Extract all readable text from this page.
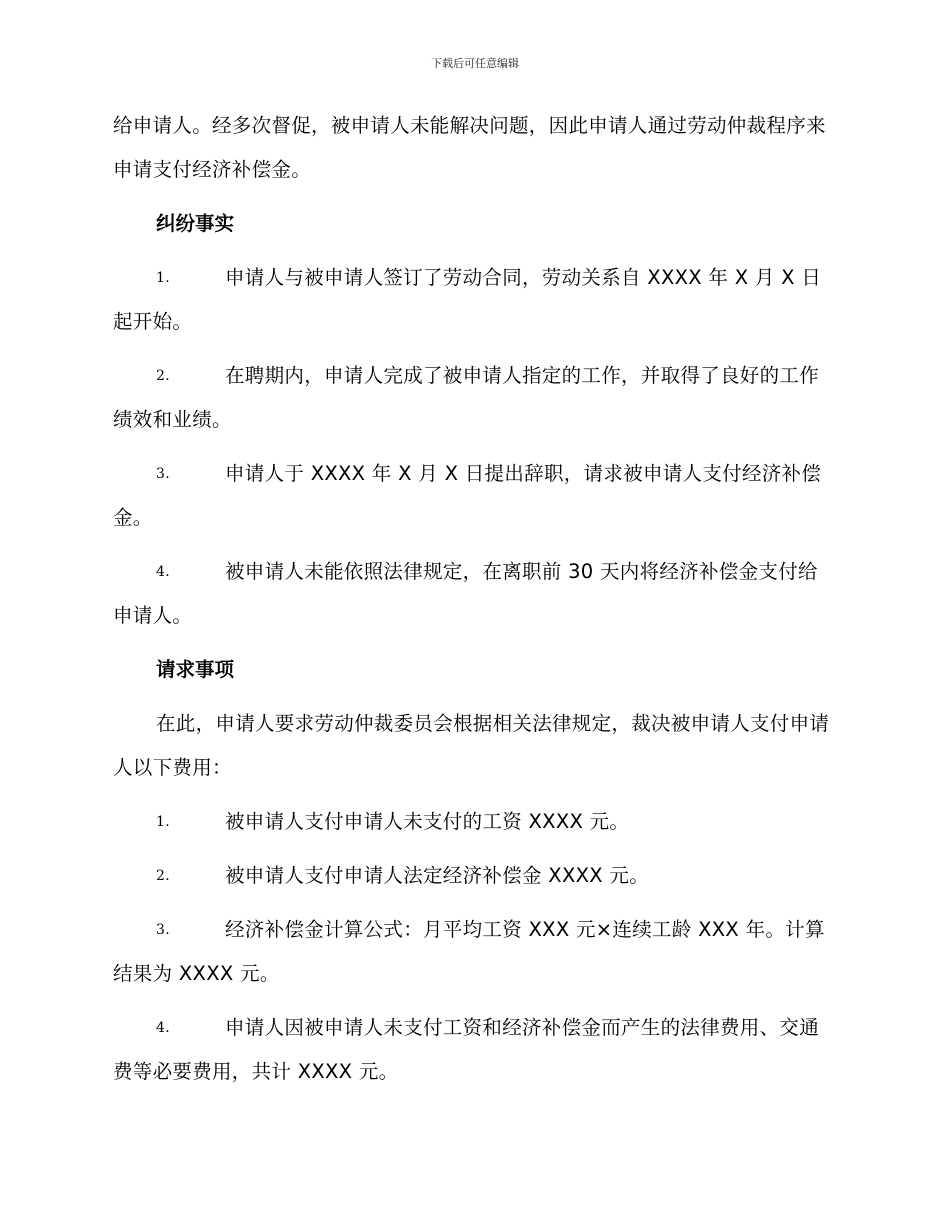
下载后可任意编辑

给申请人。经多次督促，被申请人未能解决问题，因此申请人通过劳动仲裁程序来申请支付经济补偿金。

纠纷事实

1.	申请人与被申请人签订了劳动合同，劳动关系自 XXXX 年 X 月 X 日起开始。
2.	在聘期内，申请人完成了被申请人指定的工作，并取得了良好的工作绩效和业绩。
3.	申请人于 XXXX 年 X 月 X 日提出辞职，请求被申请人支付经济补偿金。
4.	被申请人未能依照法律规定，在离职前 30 天内将经济补偿金支付给申请人。

请求事项

在此，申请人要求劳动仲裁委员会根据相关法律规定，裁决被申请人支付申请人以下费用：

1.	被申请人支付申请人未支付的工资 XXXX 元。
2.	被申请人支付申请人法定经济补偿金 XXXX 元。
3.	经济补偿金计算公式：月平均工资 XXX 元×连续工龄 XXX 年。计算结果为 XXXX 元。
4.	申请人因被申请人未支付工资和经济补偿金而产生的法律费用、交通费等必要费用，共计 XXXX 元。
